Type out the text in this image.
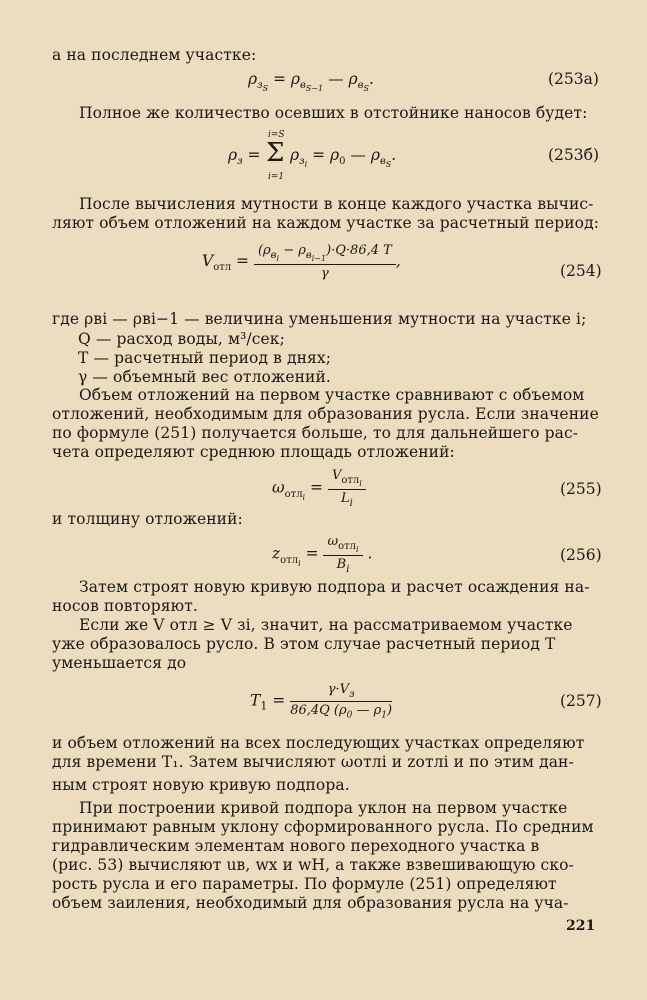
а на последнем участке:
$\rho_{з_S} = \rho_{в_{S-1}}$ — $\rho_{в_S}$.	(253a)
Полное же количество осевших в отстойнике наносов будет:
i=S
$\rho_з = \Sigma$
i=1
$\rho_{з_i} = \rho_0$ — $\rho_{в_S}$.	(253б)
После вычисления мутности в конце каждого участка вычис-
ляют объем отложений на каждом участке за расчетный период:
$V_{отл} = \frac{(\rho_{в_i} - \rho_{в_{i-1}})\cdot Q\cdot 86,4 T}{\gamma}$ ,
(254)
где ρвi — ρвi−1 — величина уменьшения мутности на участке i;
Q — расход воды, м³/сек;
T — расчетный период в днях;
γ — объемный вес отложений.
Объем отложений на первом участке сравнивают с объемом
отложений, необходимым для образования русла. Если значение
по формуле (251) получается больше, то для дальнейшего рас-
чета определяют среднюю площадь отложений:
$\omega_{отл_i} = \frac{V_{отл_i}}{L_i}$	(255)
и толщину отложений:
$z_{отл_i} = \frac{\omega_{отл_i}}{B_i}$ .	(256)
Затем строят новую кривую подпора и расчет осаждения на-
носов повторяют.
Если же V отл ≥ V зi, значит, на рассматриваемом участке
уже образовалось русло. В этом случае расчетный период T
уменьшается до
$T_1 = \frac{\gamma\cdot V_з}{86,4Q (\rho_0 — \rho_1)}$	(257)
и объем отложений на всех последующих участках определяют
для времени T₁. Затем вычисляют ωотлi и zотлi и по этим дан-
ным строят новую кривую подпора.
При построении кривой подпора уклон на первом участке
принимают равным уклону сформированного русла. По средним
гидравлическим элементам нового переходного участка в
(рис. 53) вычисляют uв, wx и wH, а также взвешивающую ско-
рость русла и его параметры. По формуле (251) определяют
объем заиления, необходимый для образования русла на уча-
221
